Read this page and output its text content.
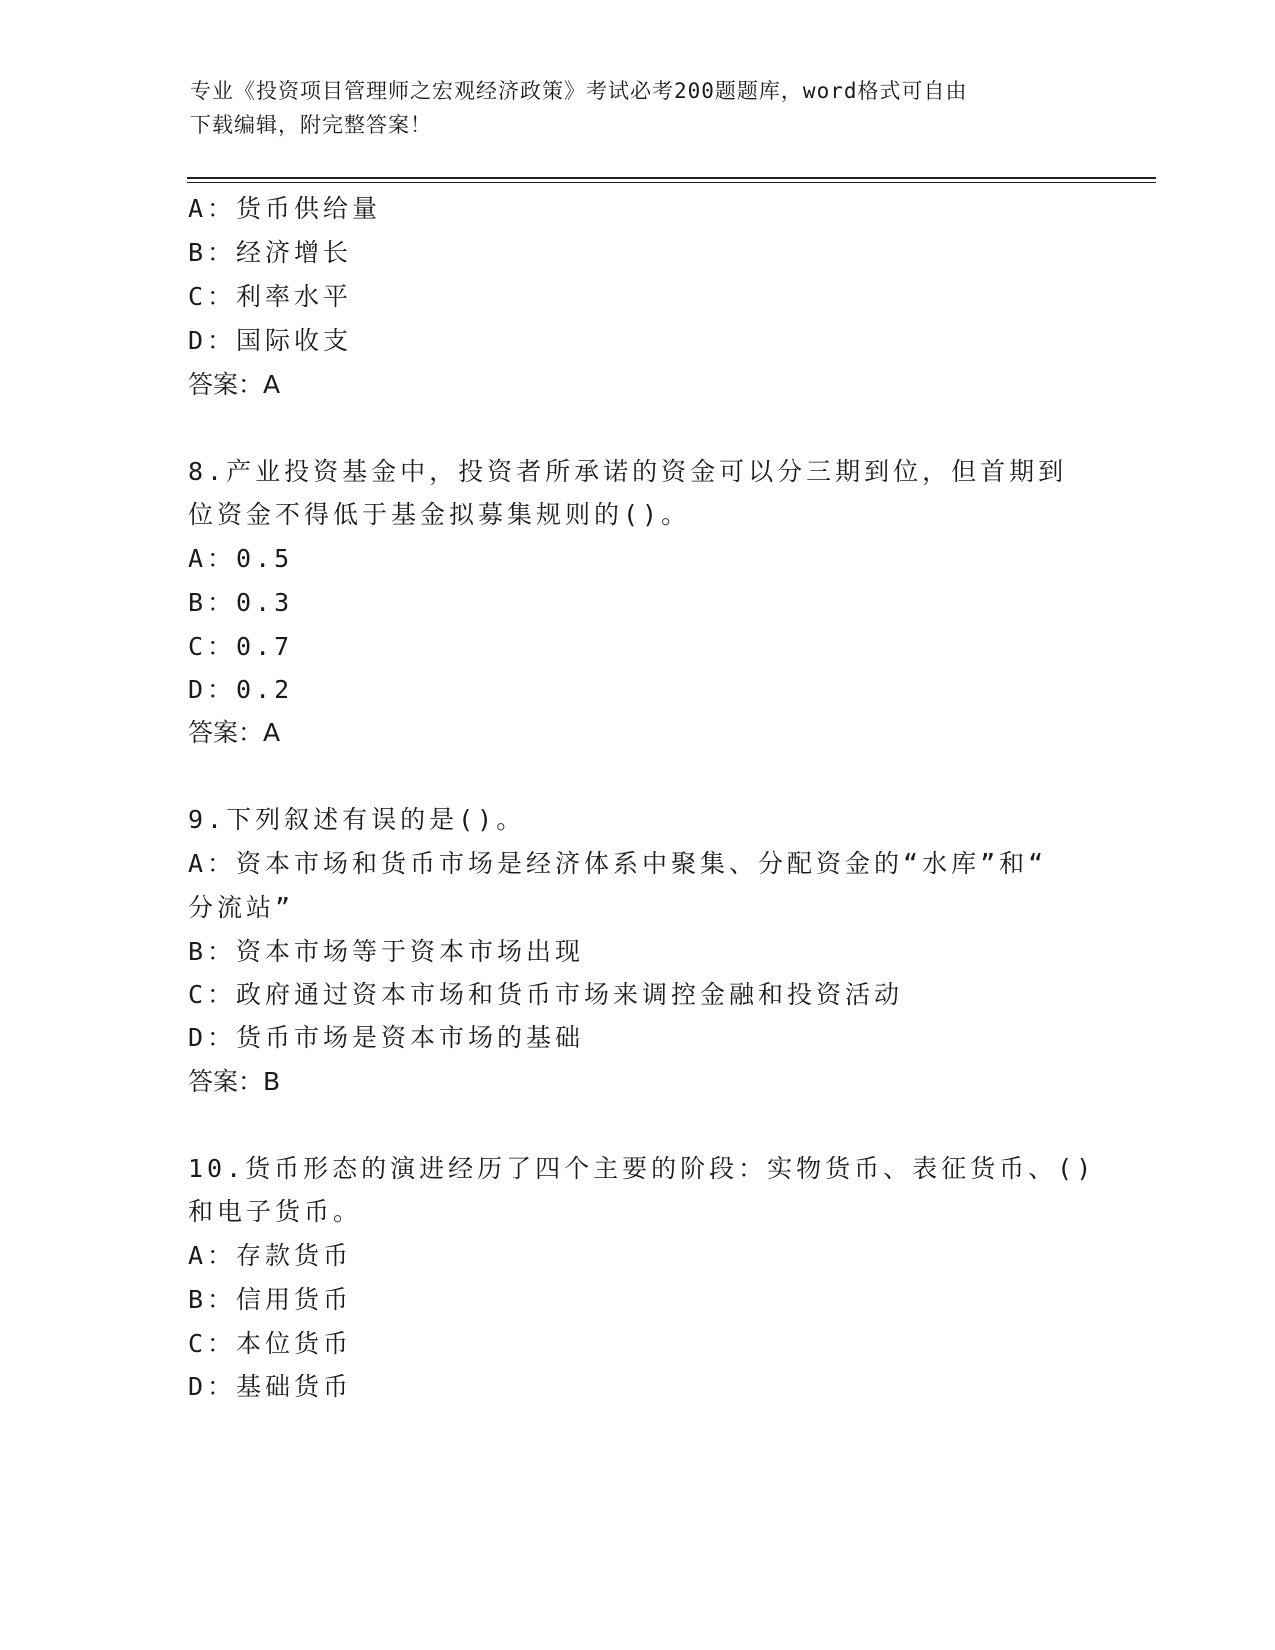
专业《投资项目管理师之宏观经济政策》考试必考200题题库，word格式可自由
下载编辑，附完整答案！
A：货币供给量
B：经济增长
C：利率水平
D：国际收支
答案：A
8.产业投资基金中，投资者所承诺的资金可以分三期到位，但首期到
位资金不得低于基金拟募集规则的()。
A：0.5
B：0.3
C：0.7
D：0.2
答案：A
9.下列叙述有误的是()。
A：资本市场和货币市场是经济体系中聚集、分配资金的“水库”和“
分流站”
B：资本市场等于资本市场出现
C：政府通过资本市场和货币市场来调控金融和投资活动
D：货币市场是资本市场的基础
答案：B
10.货币形态的演进经历了四个主要的阶段：实物货币、表征货币、()
和电子货币。
A：存款货币
B：信用货币
C：本位货币
D：基础货币
